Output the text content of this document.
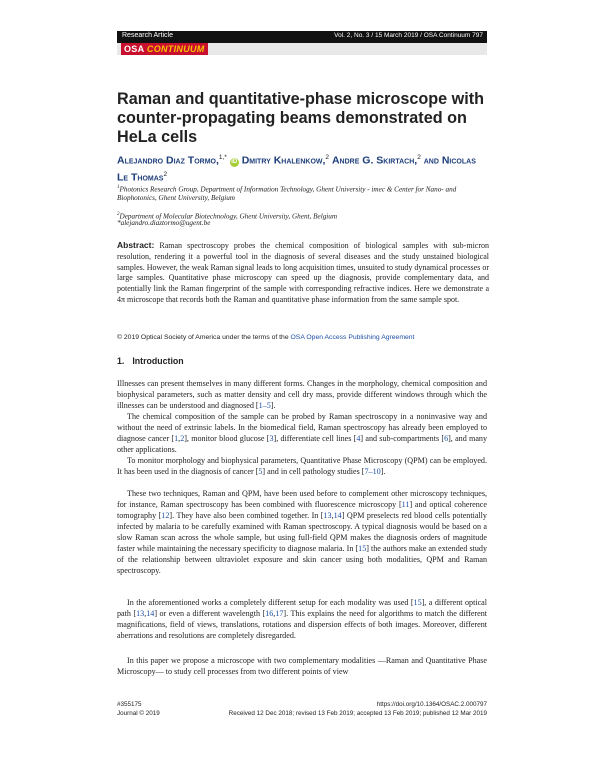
Research Article	Vol. 2, No. 3 / 15 March 2019 / OSA Continuum 797
OSA CONTINUUM
Raman and quantitative-phase microscope with counter-propagating beams demonstrated on HeLa cells
Alejandro Diaz Tormo,$^{1,*}$ iD Dmitry Khalenkow,$^2$ Andre G. Skirtach,$^2$ and Nicolas Le Thomas$^2$
$^1$Photonics Research Group, Department of Information Technology, Ghent University - imec & Center for Nano- and Biophotonics, Ghent University, Belgium
$^2$Department of Molecular Biotechnology, Ghent University, Ghent, Belgium
*alejandro.diaztormo@ugent.be
Abstract: Raman spectroscopy probes the chemical composition of biological samples with sub-micron resolution, rendering it a powerful tool in the diagnosis of several diseases and the study unstained biological samples. However, the weak Raman signal leads to long acquisition times, unsuited to study dynamical processes or large samples. Quantitative phase microscopy can speed up the diagnosis, provide complementary data, and potentially link the Raman fingerprint of the sample with corresponding refractive indices. Here we demonstrate a 4π microscope that records both the Raman and quantitative phase information from the same sample spot.
© 2019 Optical Society of America under the terms of the OSA Open Access Publishing Agreement
1. Introduction
Illnesses can present themselves in many different forms. Changes in the morphology, chemical composition and biophysical parameters, such as matter density and cell dry mass, provide different windows through which the illnesses can be understood and diagnosed [1–5].
The chemical composition of the sample can be probed by Raman spectroscopy in a noninvasive way and without the need of extrinsic labels. In the biomedical field, Raman spectroscopy has already been employed to diagnose cancer [1,2], monitor blood glucose [3], differentiate cell lines [4] and sub-compartments [6], and many other applications.
To monitor morphology and biophysical parameters, Quantitative Phase Microscopy (QPM) can be employed. It has been used in the diagnosis of cancer [5] and in cell pathology studies [7–10].
These two techniques, Raman and QPM, have been used before to complement other microscopy techniques, for instance, Raman spectroscopy has been combined with fluorescence microscopy [11] and optical coherence tomography [12]. They have also been combined together. In [13,14] QPM preselects red blood cells potentially infected by malaria to be carefully examined with Raman spectroscopy. A typical diagnosis would be based on a slow Raman scan across the whole sample, but using full-field QPM makes the diagnosis orders of magnitude faster while maintaining the necessary specificity to diagnose malaria. In [15] the authors make an extended study of the relationship between ultraviolet exposure and skin cancer using both modalities, QPM and Raman spectroscopy.
In the aforementioned works a completely different setup for each modality was used [15], a different optical path [13,14] or even a different wavelength [16,17]. This explains the need for algorithms to match the different magnifications, field of views, translations, rotations and dispersion effects of both images. Moreover, different aberrations and resolutions are completely disregarded.
In this paper we propose a microscope with two complementary modalities —Raman and Quantitative Phase Microscopy— to study cell processes from two different points of view
#355175	https://doi.org/10.1364/OSAC.2.000797
Journal © 2019	Received 12 Dec 2018; revised 13 Feb 2019; accepted 13 Feb 2019; published 12 Mar 2019
